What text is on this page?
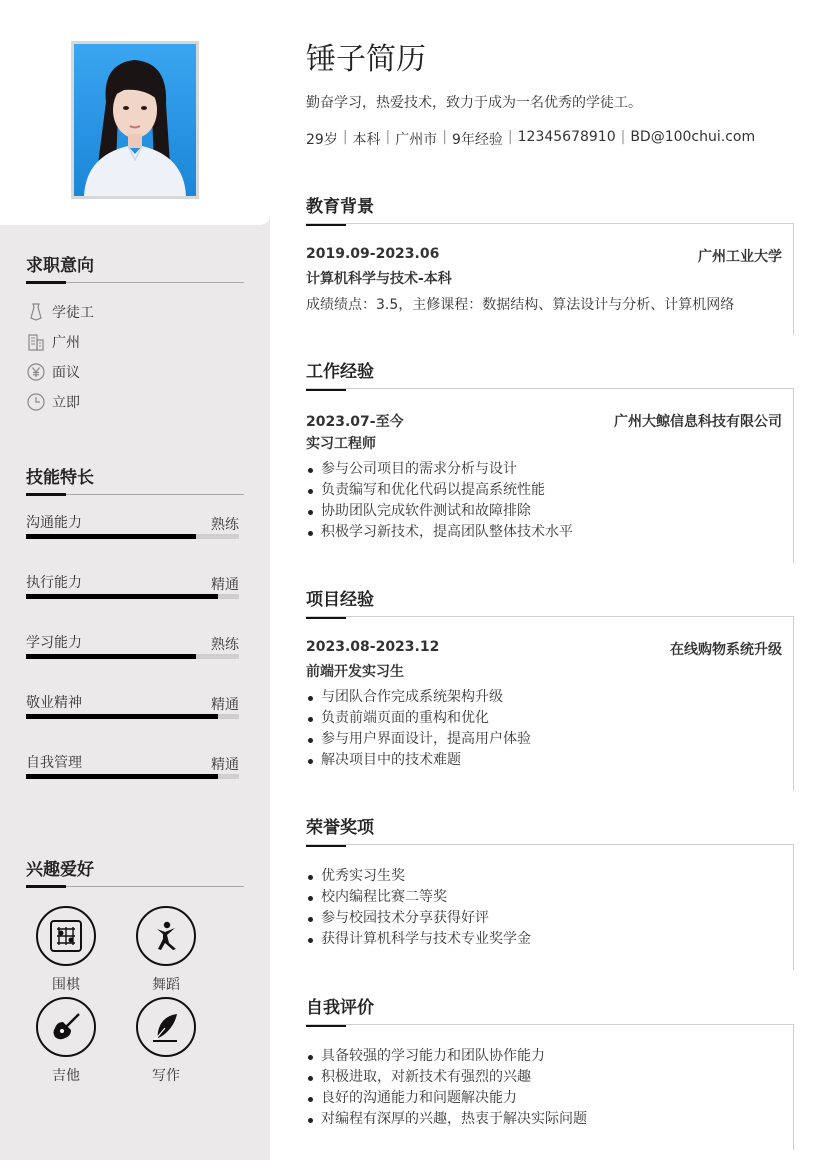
求职意向
学徒工
广州
面议
立即
技能特长
沟通能力	熟练
执行能力	精通
学习能力	熟练
敬业精神	精通
自我管理	精通
兴趣爱好
围棋	舞蹈
吉他	写作
锤子简历
勤奋学习，热爱技术，致力于成为一名优秀的学徒工。
29岁 | 本科 | 广州市 | 9年经验 | 12345678910 | BD@100chui.com
教育背景
2019.09-2023.06	广州工业大学
计算机科学与技术-本科
成绩绩点：3.5，主修课程：数据结构、算法设计与分析、计算机网络
工作经验
2023.07-至今	广州大鲸信息科技有限公司
实习工程师
参与公司项目的需求分析与设计
负责编写和优化代码以提高系统性能
协助团队完成软件测试和故障排除
积极学习新技术，提高团队整体技术水平
项目经验
2023.08-2023.12	在线购物系统升级
前端开发实习生
与团队合作完成系统架构升级
负责前端页面的重构和优化
参与用户界面设计，提高用户体验
解决项目中的技术难题
荣誉奖项
优秀实习生奖
校内编程比赛二等奖
参与校园技术分享获得好评
获得计算机科学与技术专业奖学金
自我评价
具备较强的学习能力和团队协作能力
积极进取，对新技术有强烈的兴趣
良好的沟通能力和问题解决能力
对编程有深厚的兴趣，热衷于解决实际问题
